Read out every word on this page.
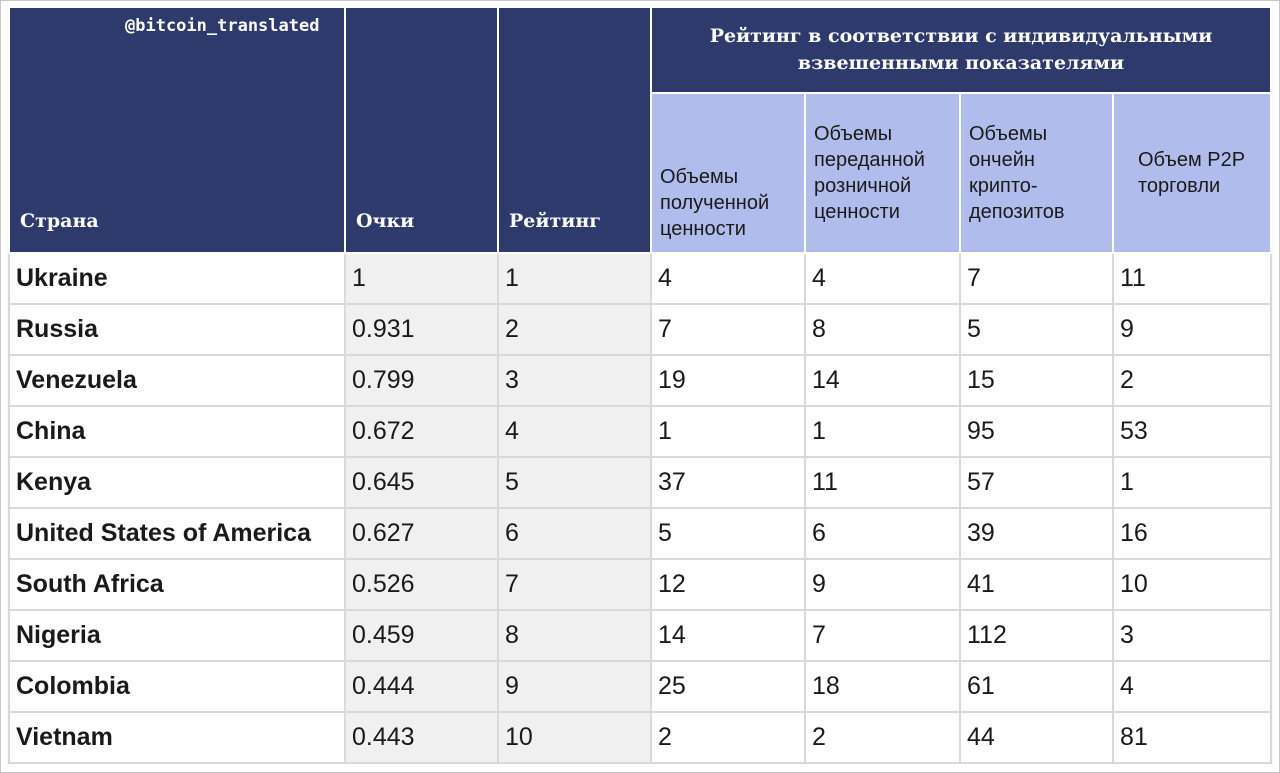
@bitcoin_translated
Страна	Очки	Рейтинг	Рейтинг в соответствии с индивидуальными взвешенными показателями			
			Объемы полученной ценности	Объемы переданной розничной ценности	Объемы ончейн крипто-депозитов	Объем P2P торговли
Ukraine	1	1	4	4	7	11
Russia	0.931	2	7	8	5	9
Venezuela	0.799	3	19	14	15	2
China	0.672	4	1	1	95	53
Kenya	0.645	5	37	11	57	1
United States of America	0.627	6	5	6	39	16
South Africa	0.526	7	12	9	41	10
Nigeria	0.459	8	14	7	112	3
Colombia	0.444	9	25	18	61	4
Vietnam	0.443	10	2	2	44	81
